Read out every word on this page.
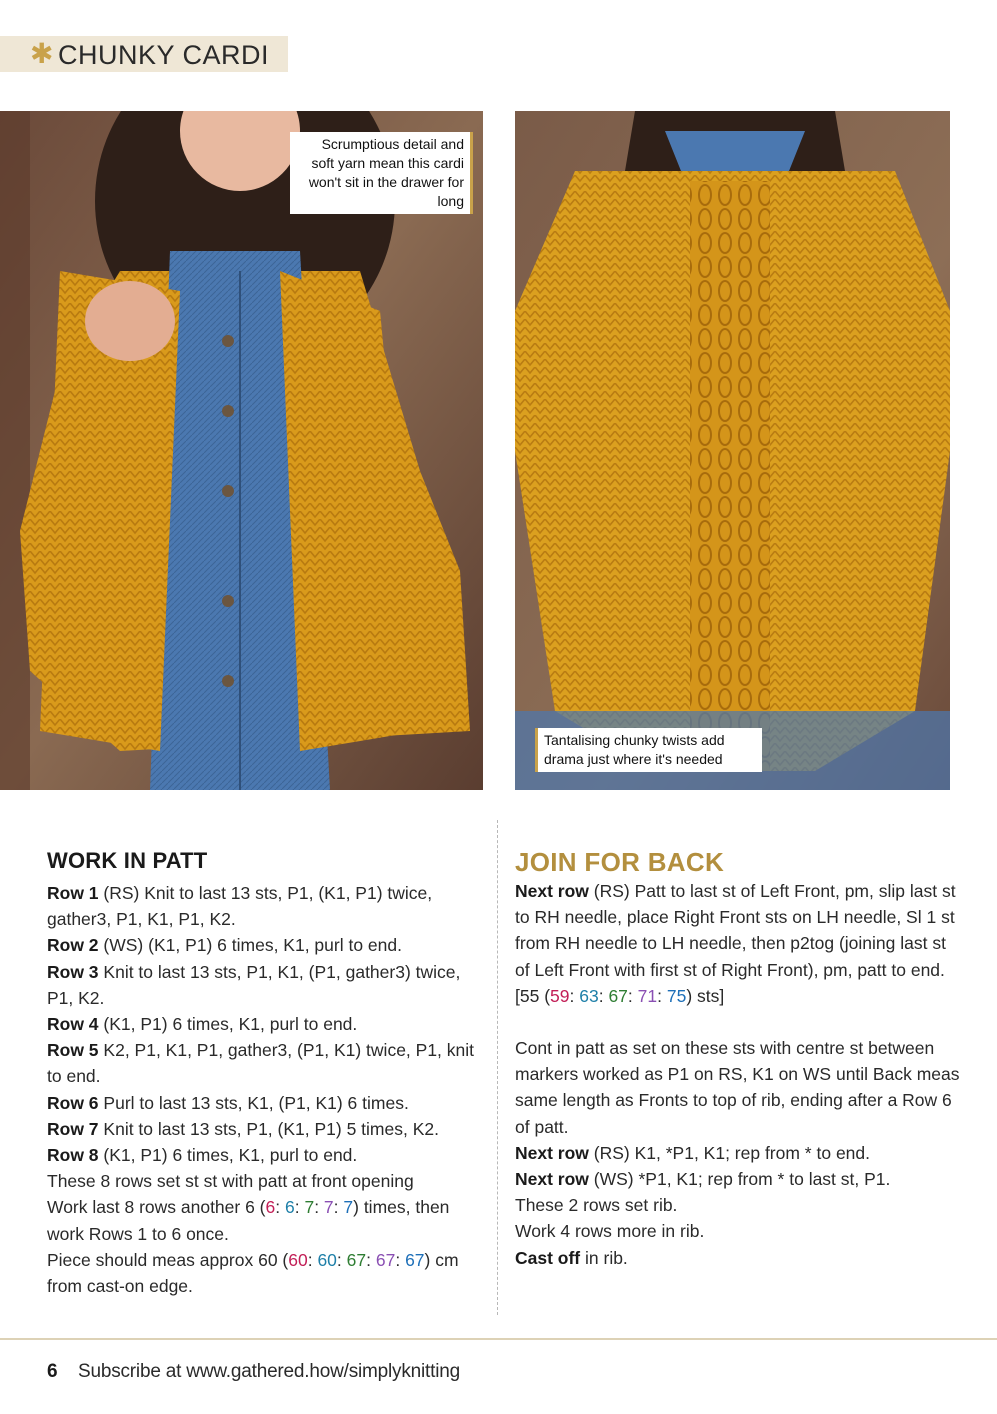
✱ CHUNKY CARDI
Scrumptious detail and soft yarn mean this cardi won't sit in the drawer for long
Tantalising chunky twists add drama just where it's needed
WORK IN PATT

Row 1 (RS) Knit to last 13 sts, P1, (K1, P1) twice, gather3, P1, K1, P1, K2.

Row 2 (WS) (K1, P1) 6 times, K1, purl to end.

Row 3 Knit to last 13 sts, P1, K1, (P1, gather3) twice, P1, K2.

Row 4 (K1, P1) 6 times, K1, purl to end.

Row 5 K2, P1, K1, P1, gather3, (P1, K1) twice, P1, knit to end.

Row 6 Purl to last 13 sts, K1, (P1, K1) 6 times.

Row 7 Knit to last 13 sts, P1, (K1, P1) 5 times, K2.

Row 8 (K1, P1) 6 times, K1, purl to end.

These 8 rows set st st with patt at front opening

Work last 8 rows another 6 (6: 6: 7: 7: 7) times, then work Rows 1 to 6 once.

Piece should meas approx 60 (60: 60: 67: 67: 67) cm from cast-on edge.

JOIN FOR BACK

Next row (RS) Patt to last st of Left Front, pm, slip last st to RH needle, place Right Front sts on LH needle, Sl 1 st from RH needle to LH needle, then p2tog (joining last st of Left Front with first st of Right Front), pm, patt to end.

[55 (59: 63: 67: 71: 75) sts]

Cont in patt as set on these sts with centre st between markers worked as P1 on RS, K1 on WS until Back meas same length as Fronts to top of rib, ending after a Row 6 of patt.

Next row (RS) K1, *P1, K1; rep from * to end.

Next row (WS) *P1, K1; rep from * to last st, P1.

These 2 rows set rib.

Work 4 rows more in rib.

Cast off in rib.

6 Subscribe at www.gathered.how/simplyknitting
